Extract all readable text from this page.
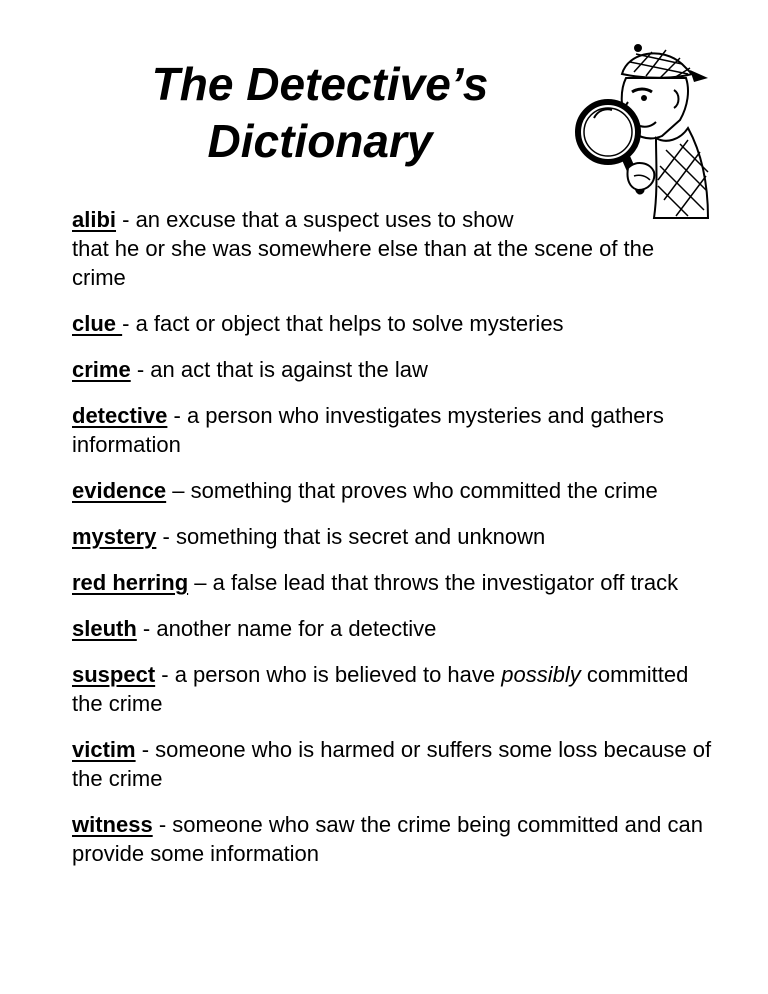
The Detective’s
Dictionary

alibi - an excuse that a suspect uses to show

that he or she was somewhere else than at the scene of the crime

clue - a fact or object that helps to solve mysteries

crime - an act that is against the law

detective - a person who investigates mysteries and gathers information

evidence – something that proves who committed the crime

mystery - something that is secret and unknown

red herring – a false lead that throws the investigator off track

sleuth - another name for a detective

suspect - a person who is believed to have possibly committed the crime

victim - someone who is harmed or suffers some loss because of the crime

witness - someone who saw the crime being committed and can provide some information
